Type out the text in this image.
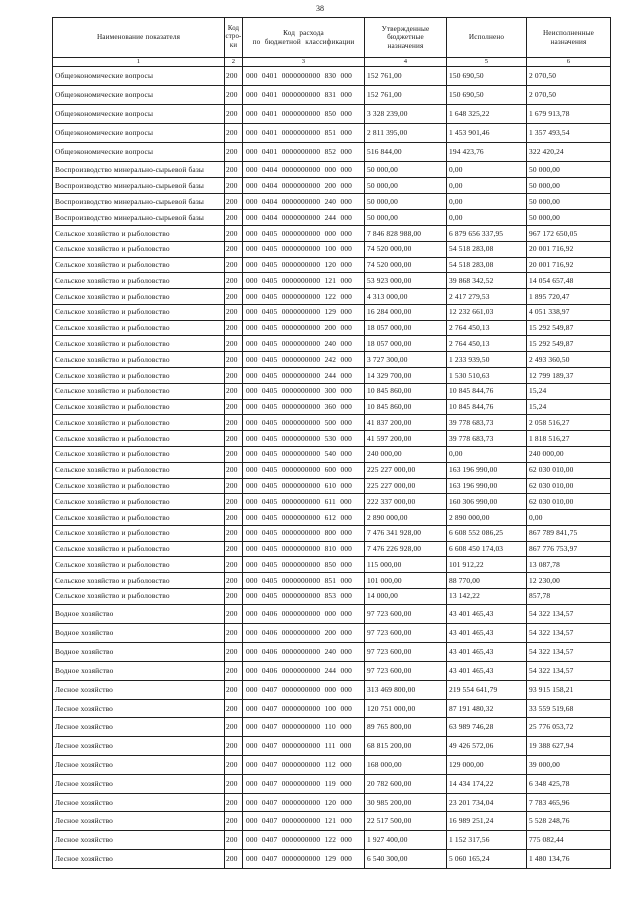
38
Наименование показателя	Код
стро-
ки	Код расхода
по бюджетной классификации	Утвержденные
бюджетные
назначения	Исполнено	Неисполненные
назначения
1	2	3	4	5	6
Общеэкономические вопросы	200	000 0401 0000000000 830 000	152 761,00	150 690,50	2 070,50
Общеэкономические вопросы	200	000 0401 0000000000 831 000	152 761,00	150 690,50	2 070,50
Общеэкономические вопросы	200	000 0401 0000000000 850 000	3 328 239,00	1 648 325,22	1 679 913,78
Общеэкономические вопросы	200	000 0401 0000000000 851 000	2 811 395,00	1 453 901,46	1 357 493,54
Общеэкономические вопросы	200	000 0401 0000000000 852 000	516 844,00	194 423,76	322 420,24
Воспроизводство минерально-сырьевой базы	200	000 0404 0000000000 000 000	50 000,00	0,00	50 000,00
Воспроизводство минерально-сырьевой базы	200	000 0404 0000000000 200 000	50 000,00	0,00	50 000,00
Воспроизводство минерально-сырьевой базы	200	000 0404 0000000000 240 000	50 000,00	0,00	50 000,00
Воспроизводство минерально-сырьевой базы	200	000 0404 0000000000 244 000	50 000,00	0,00	50 000,00
Сельское хозяйство и рыболовство	200	000 0405 0000000000 000 000	7 846 828 988,00	6 879 656 337,95	967 172 650,05
Сельское хозяйство и рыболовство	200	000 0405 0000000000 100 000	74 520 000,00	54 518 283,08	20 001 716,92
Сельское хозяйство и рыболовство	200	000 0405 0000000000 120 000	74 520 000,00	54 518 283,08	20 001 716,92
Сельское хозяйство и рыболовство	200	000 0405 0000000000 121 000	53 923 000,00	39 868 342,52	14 054 657,48
Сельское хозяйство и рыболовство	200	000 0405 0000000000 122 000	4 313 000,00	2 417 279,53	1 895 720,47
Сельское хозяйство и рыболовство	200	000 0405 0000000000 129 000	16 284 000,00	12 232 661,03	4 051 338,97
Сельское хозяйство и рыболовство	200	000 0405 0000000000 200 000	18 057 000,00	2 764 450,13	15 292 549,87
Сельское хозяйство и рыболовство	200	000 0405 0000000000 240 000	18 057 000,00	2 764 450,13	15 292 549,87
Сельское хозяйство и рыболовство	200	000 0405 0000000000 242 000	3 727 300,00	1 233 939,50	2 493 360,50
Сельское хозяйство и рыболовство	200	000 0405 0000000000 244 000	14 329 700,00	1 530 510,63	12 799 189,37
Сельское хозяйство и рыболовство	200	000 0405 0000000000 300 000	10 845 860,00	10 845 844,76	15,24
Сельское хозяйство и рыболовство	200	000 0405 0000000000 360 000	10 845 860,00	10 845 844,76	15,24
Сельское хозяйство и рыболовство	200	000 0405 0000000000 500 000	41 837 200,00	39 778 683,73	2 058 516,27
Сельское хозяйство и рыболовство	200	000 0405 0000000000 530 000	41 597 200,00	39 778 683,73	1 818 516,27
Сельское хозяйство и рыболовство	200	000 0405 0000000000 540 000	240 000,00	0,00	240 000,00
Сельское хозяйство и рыболовство	200	000 0405 0000000000 600 000	225 227 000,00	163 196 990,00	62 030 010,00
Сельское хозяйство и рыболовство	200	000 0405 0000000000 610 000	225 227 000,00	163 196 990,00	62 030 010,00
Сельское хозяйство и рыболовство	200	000 0405 0000000000 611 000	222 337 000,00	160 306 990,00	62 030 010,00
Сельское хозяйство и рыболовство	200	000 0405 0000000000 612 000	2 890 000,00	2 890 000,00	0,00
Сельское хозяйство и рыболовство	200	000 0405 0000000000 800 000	7 476 341 928,00	6 608 552 086,25	867 789 841,75
Сельское хозяйство и рыболовство	200	000 0405 0000000000 810 000	7 476 226 928,00	6 608 450 174,03	867 776 753,97
Сельское хозяйство и рыболовство	200	000 0405 0000000000 850 000	115 000,00	101 912,22	13 087,78
Сельское хозяйство и рыболовство	200	000 0405 0000000000 851 000	101 000,00	88 770,00	12 230,00
Сельское хозяйство и рыболовство	200	000 0405 0000000000 853 000	14 000,00	13 142,22	857,78
Водное хозяйство	200	000 0406 0000000000 000 000	97 723 600,00	43 401 465,43	54 322 134,57
Водное хозяйство	200	000 0406 0000000000 200 000	97 723 600,00	43 401 465,43	54 322 134,57
Водное хозяйство	200	000 0406 0000000000 240 000	97 723 600,00	43 401 465,43	54 322 134,57
Водное хозяйство	200	000 0406 0000000000 244 000	97 723 600,00	43 401 465,43	54 322 134,57
Лесное хозяйство	200	000 0407 0000000000 000 000	313 469 800,00	219 554 641,79	93 915 158,21
Лесное хозяйство	200	000 0407 0000000000 100 000	120 751 000,00	87 191 480,32	33 559 519,68
Лесное хозяйство	200	000 0407 0000000000 110 000	89 765 800,00	63 989 746,28	25 776 053,72
Лесное хозяйство	200	000 0407 0000000000 111 000	68 815 200,00	49 426 572,06	19 388 627,94
Лесное хозяйство	200	000 0407 0000000000 112 000	168 000,00	129 000,00	39 000,00
Лесное хозяйство	200	000 0407 0000000000 119 000	20 782 600,00	14 434 174,22	6 348 425,78
Лесное хозяйство	200	000 0407 0000000000 120 000	30 985 200,00	23 201 734,04	7 783 465,96
Лесное хозяйство	200	000 0407 0000000000 121 000	22 517 500,00	16 989 251,24	5 528 248,76
Лесное хозяйство	200	000 0407 0000000000 122 000	1 927 400,00	1 152 317,56	775 082,44
Лесное хозяйство	200	000 0407 0000000000 129 000	6 540 300,00	5 060 165,24	1 480 134,76
